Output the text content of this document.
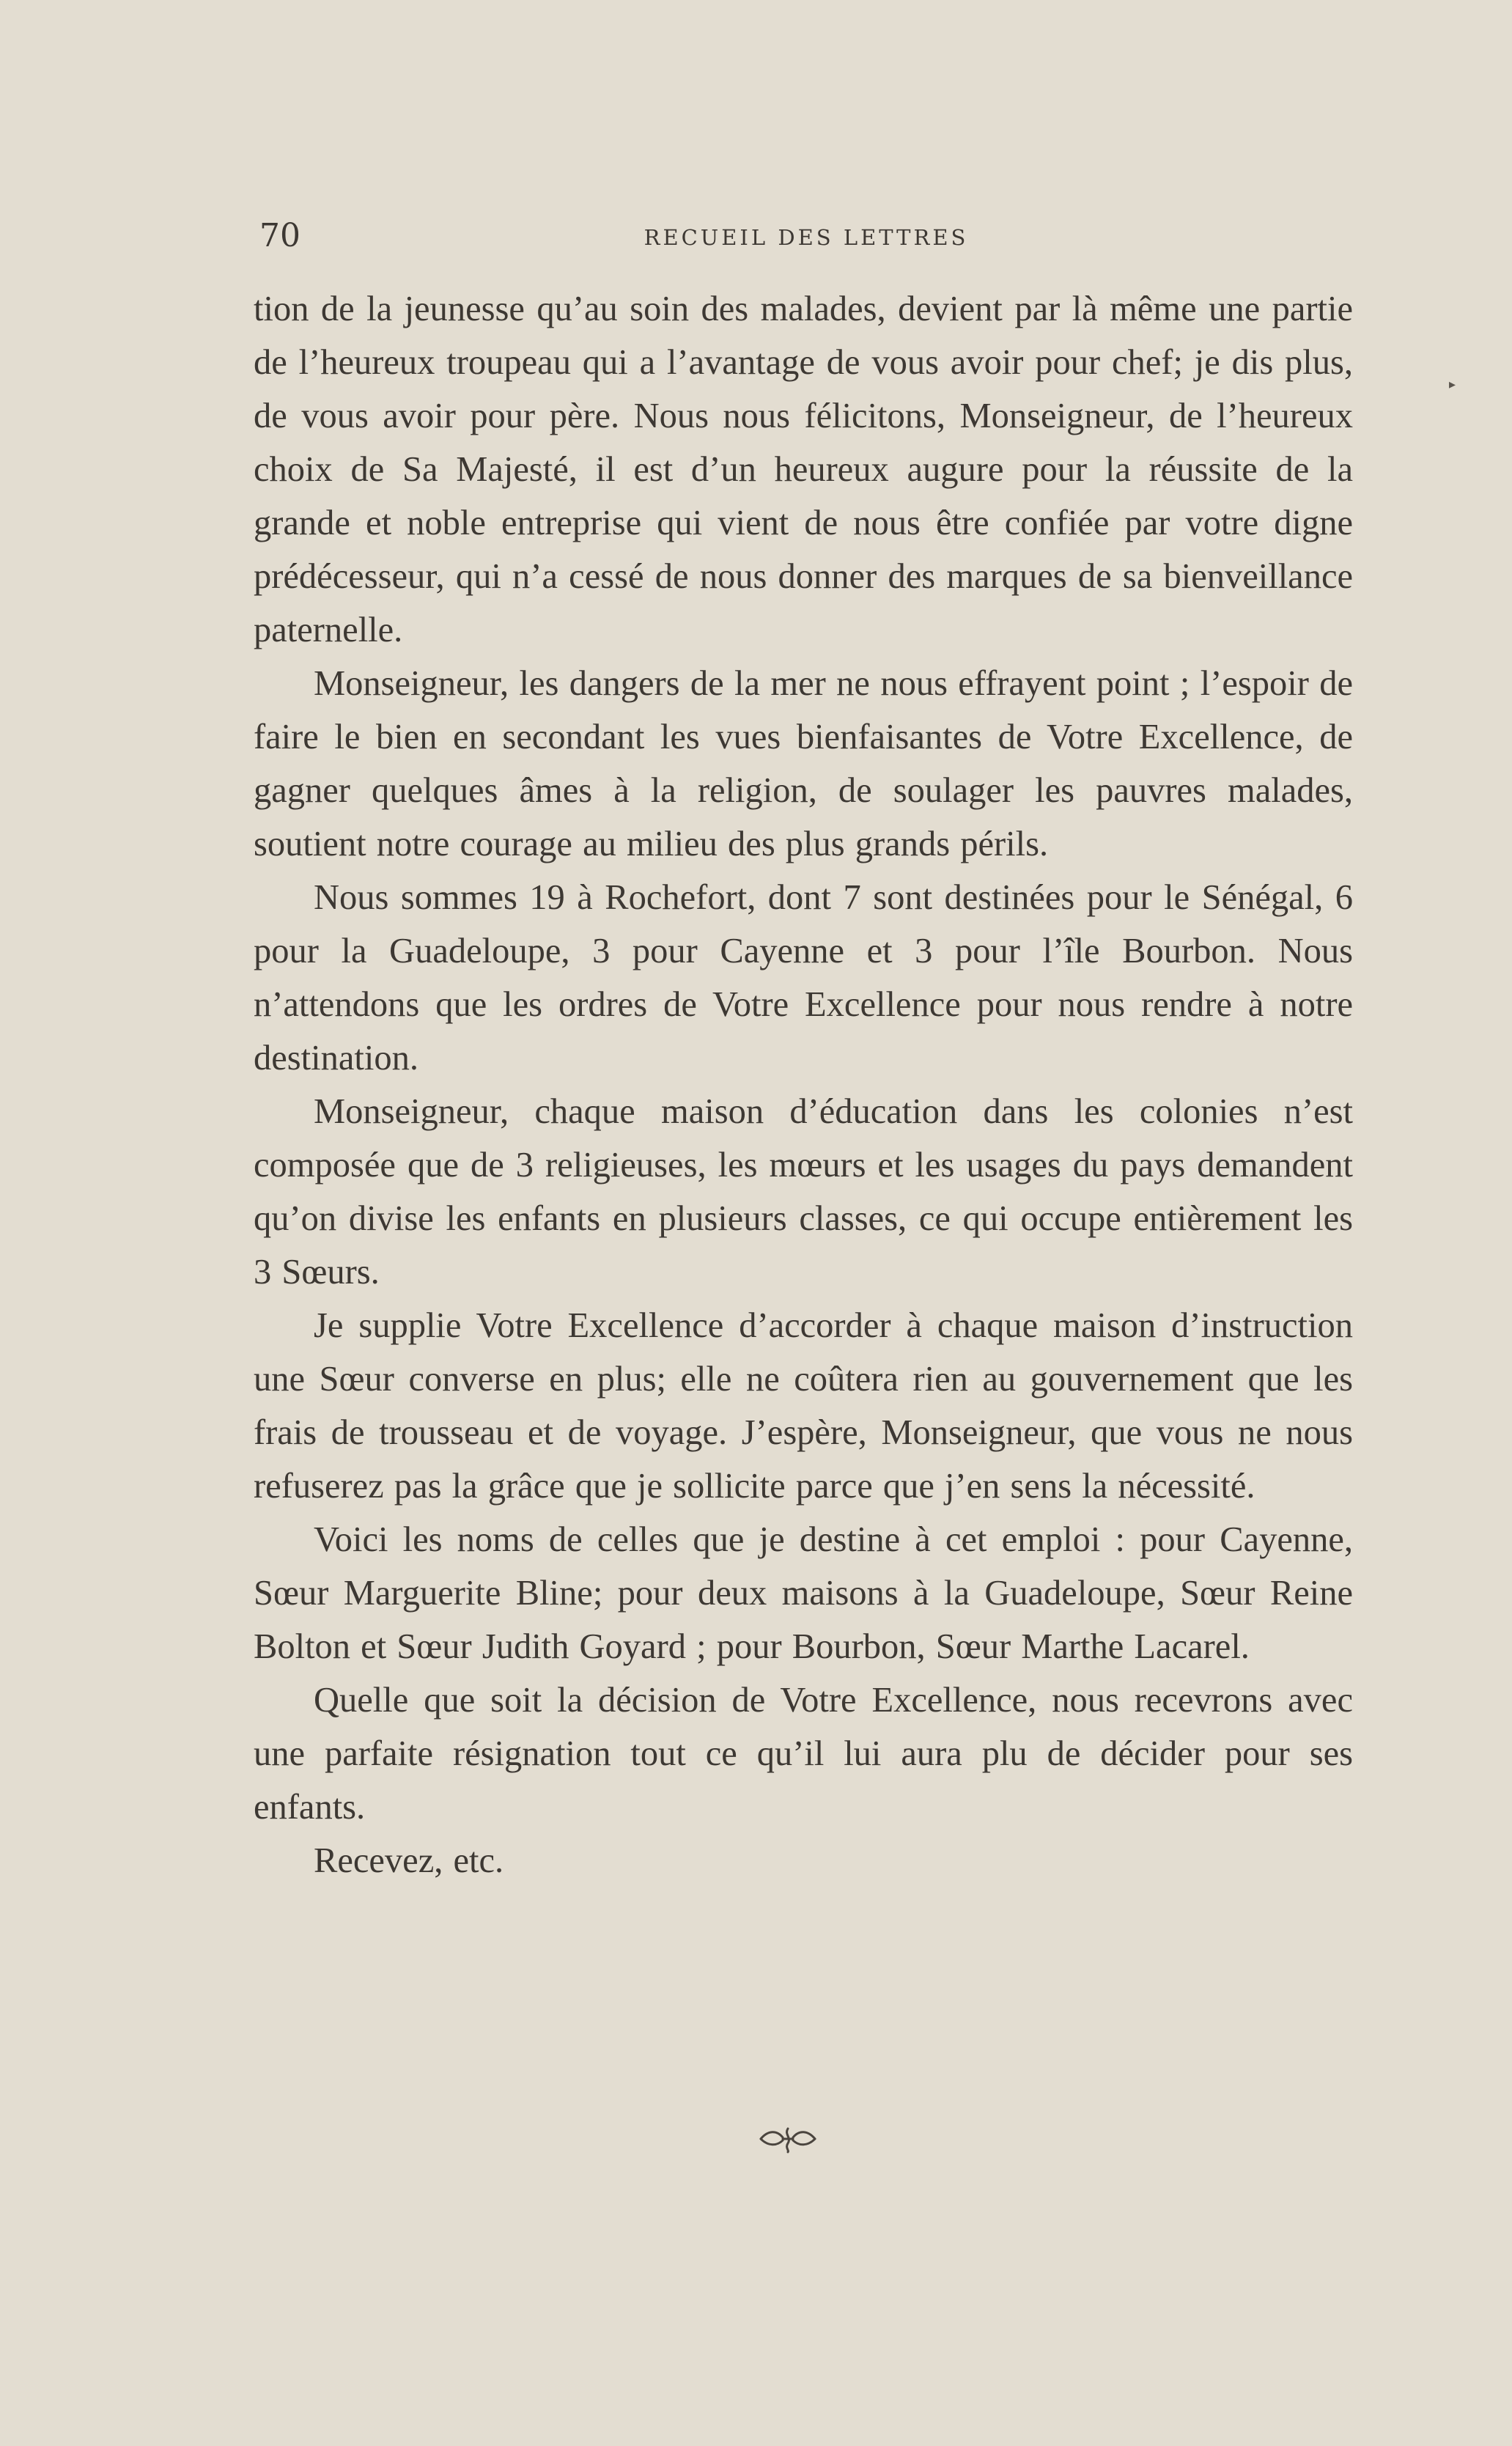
70	RECUEIL DES LETTRES

tion de la jeunesse qu’au soin des malades, devient par là même une partie de l’heureux troupeau qui a l’avantage de vous avoir pour chef; je dis plus, de vous avoir pour père. Nous nous félicitons, Monseigneur, de l’heureux choix de Sa Majesté, il est d’un heureux augure pour la réussite de la grande et noble entreprise qui vient de nous être confiée par votre digne prédécesseur, qui n’a cessé de nous donner des marques de sa bienveillance paternelle.

Monseigneur, les dangers de la mer ne nous effrayent point ; l’espoir de faire le bien en secondant les vues bienfaisantes de Votre Excellence, de gagner quelques âmes à la religion, de soulager les pauvres malades, soutient notre courage au milieu des plus grands périls.

Nous sommes 19 à Rochefort, dont 7 sont destinées pour le Sénégal, 6 pour la Guadeloupe, 3 pour Cayenne et 3 pour l’île Bourbon. Nous n’attendons que les ordres de Votre Excellence pour nous rendre à notre destination.

Monseigneur, chaque maison d’éducation dans les colonies n’est composée que de 3 religieuses, les mœurs et les usages du pays demandent qu’on divise les enfants en plusieurs classes, ce qui occupe entièrement les 3 Sœurs.

Je supplie Votre Excellence d’accorder à chaque maison d’instruction une Sœur converse en plus; elle ne coûtera rien au gouvernement que les frais de trousseau et de voyage. J’espère, Monseigneur, que vous ne nous refuserez pas la grâce que je sollicite parce que j’en sens la nécessité.

Voici les noms de celles que je destine à cet emploi : pour Cayenne, Sœur Marguerite Bline; pour deux maisons à la Guadeloupe, Sœur Reine Bolton et Sœur Judith Goyard ; pour Bourbon, Sœur Marthe Lacarel.

Quelle que soit la décision de Votre Excellence, nous recevrons avec une parfaite résignation tout ce qu’il lui aura plu de décider pour ses enfants.

Recevez, etc.

▸
